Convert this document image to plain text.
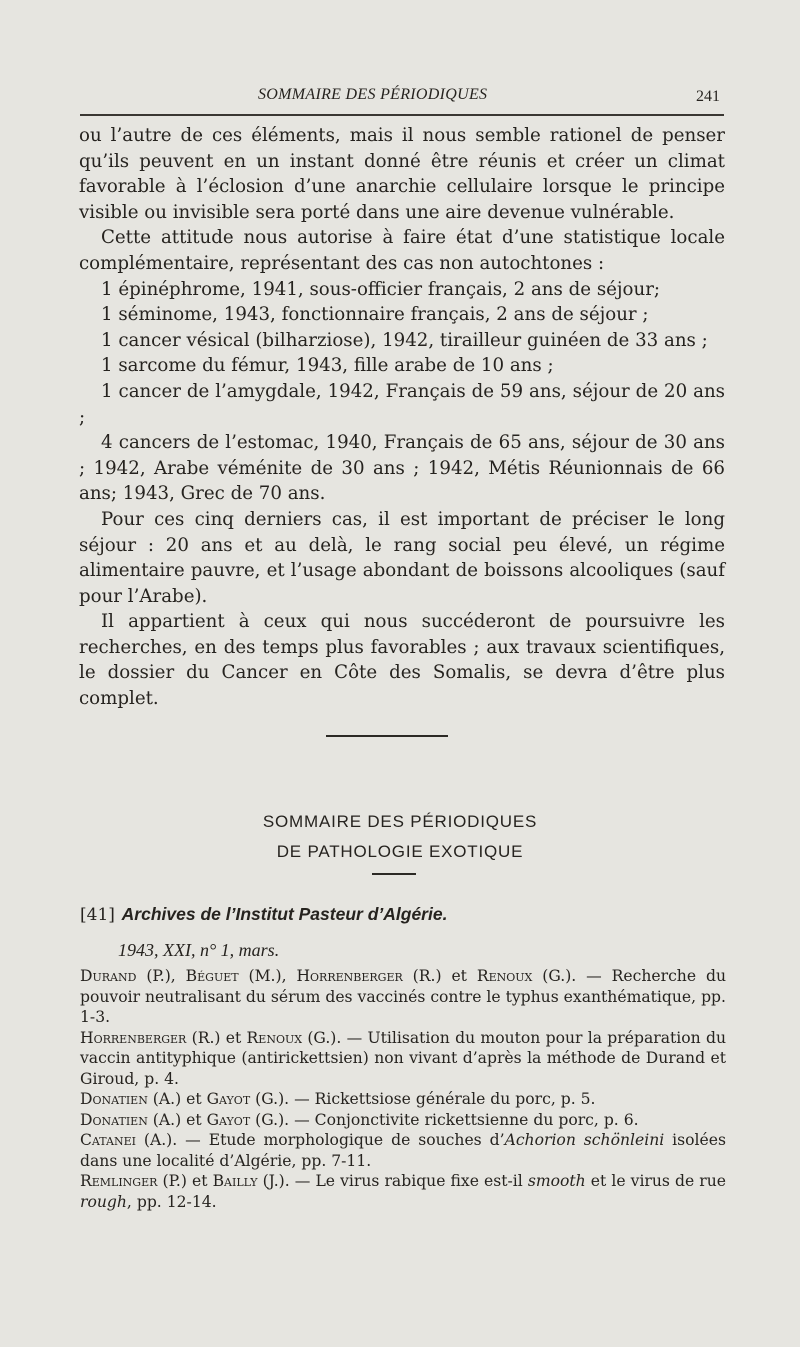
SOMMAIRE DES PÉRIODIQUES	241

ou l’autre de ces éléments, mais il nous semble rationel de penser qu’ils peuvent en un instant donné être réunis et créer un climat favorable à l’éclosion d’une anarchie cellulaire lorsque le principe visible ou invisible sera porté dans une aire devenue vulnérable.

Cette attitude nous autorise à faire état d’une statistique locale complémentaire, représentant des cas non autochtones :

1 épinéphrome, 1941, sous-officier français, 2 ans de séjour;

1 séminome, 1943, fonctionnaire français, 2 ans de séjour ;

1 cancer vésical (bilharziose), 1942, tirailleur guinéen de 33 ans ;

1 sarcome du fémur, 1943, fille arabe de 10 ans ;

1 cancer de l’amygdale, 1942, Français de 59 ans, séjour de 20 ans ;

4 cancers de l’estomac, 1940, Français de 65 ans, séjour de 30 ans ; 1942, Arabe véménite de 30 ans ; 1942, Métis Réunionnais de 66 ans; 1943, Grec de 70 ans.

Pour ces cinq derniers cas, il est important de préciser le long séjour : 20 ans et au delà, le rang social peu élevé, un régime alimentaire pauvre, et l’usage abondant de boissons alcooliques (sauf pour l’Arabe).

Il appartient à ceux qui nous succéderont de poursuivre les recherches, en des temps plus favorables ; aux travaux scientifiques, le dossier du Cancer en Côte des Somalis, se devra d’être plus complet.

SOMMAIRE DES PÉRIODIQUES
DE PATHOLOGIE EXOTIQUE
[41] Archives de l’Institut Pasteur d’Algérie.
1943, XXI, n° 1, mars.

Durand (P.), Béguet (M.), Horrenberger (R.) et Renoux (G.). — Recherche du pouvoir neutralisant du sérum des vaccinés contre le typhus exanthématique, pp. 1-3.

Horrenberger (R.) et Renoux (G.). — Utilisation du mouton pour la préparation du vaccin antityphique (antirickettsien) non vivant d’après la méthode de Durand et Giroud, p. 4.

Donatien (A.) et Gayot (G.). — Rickettsiose générale du porc, p. 5.

Donatien (A.) et Gayot (G.). — Conjonctivite rickettsienne du porc, p. 6.

Catanei (A.). — Etude morphologique de souches d’Achorion schönleini isolées dans une localité d’Algérie, pp. 7-11.

Remlinger (P.) et Bailly (J.). — Le virus rabique fixe est-il smooth et le virus de rue rough, pp. 12-14.
